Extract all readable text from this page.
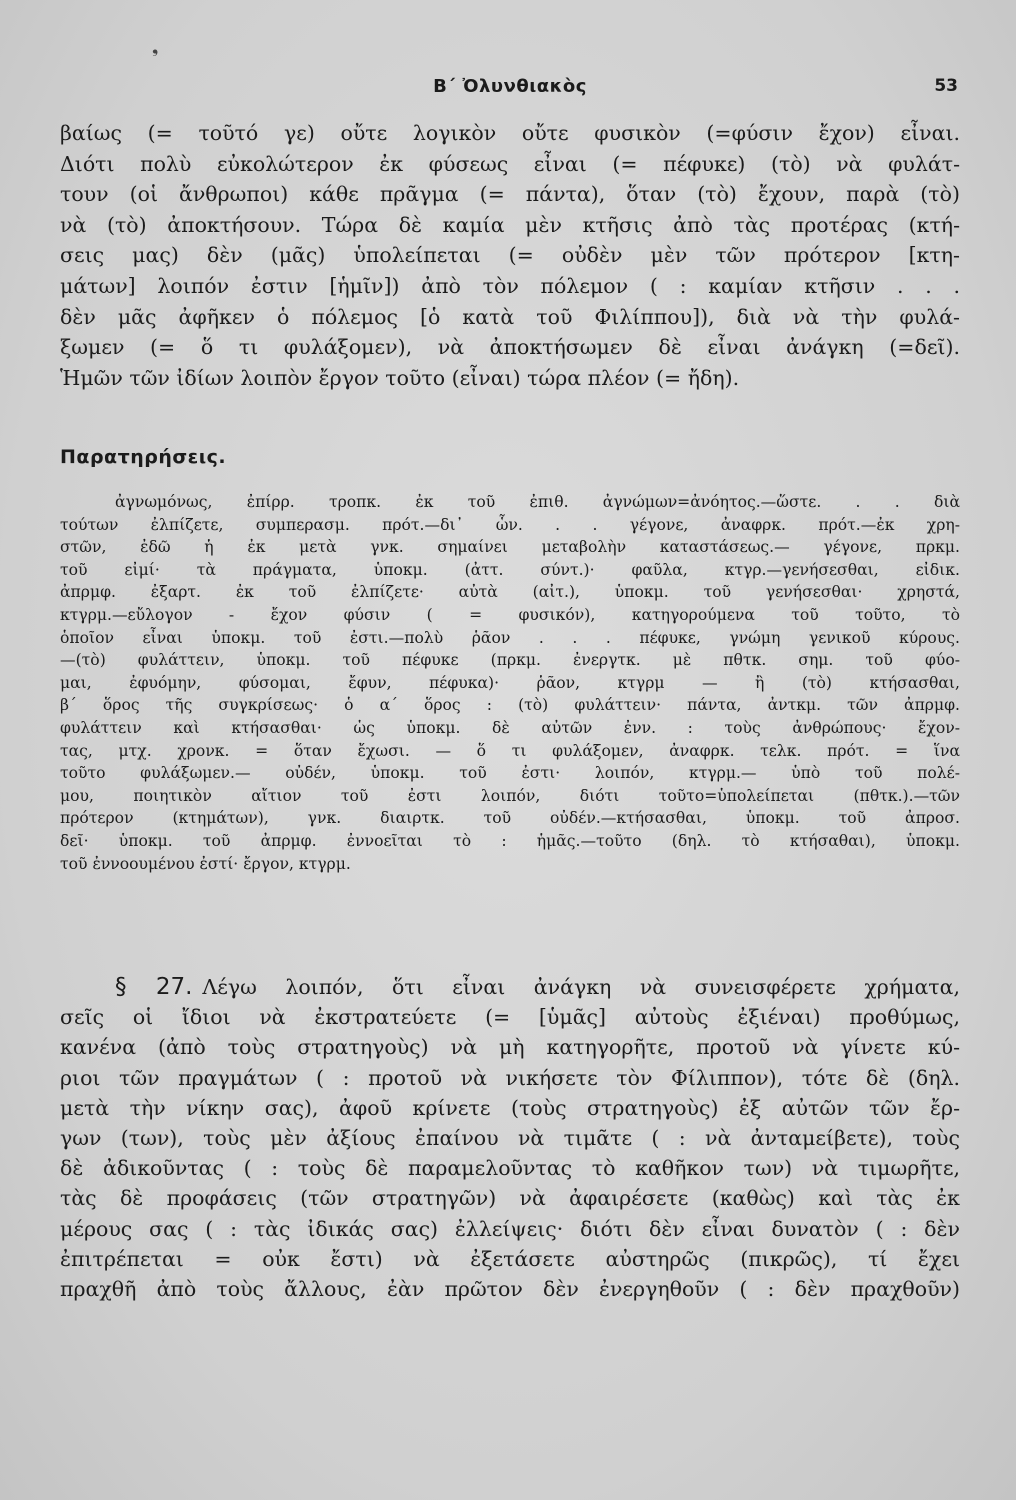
❟
Β΄ Ὀλυνθιακὸς	53
βαίως (= τοῦτό γε) οὔτε λογικὸν οὔτε φυσικὸν (=φύσιν ἔχον) εἶναι.
Διότι πολὺ εὐκολώτερον ἐκ φύσεως εἶναι (= πέφυκε) (τὸ) νὰ φυλάτ-
τουν (οἱ ἄνθρωποι) κάθε πρᾶγμα (= πάντα), ὅταν (τὸ) ἔχουν, παρὰ (τὸ)
νὰ (τὸ) ἀποκτήσουν. Τώρα δὲ καμία μὲν κτῆσις ἀπὸ τὰς προτέρας (κτή-
σεις μας) δὲν (μᾶς) ὑπολείπεται (= οὐδὲν μὲν τῶν πρότερον [κτη-
μάτων] λοιπόν ἐστιν [ἡμῖν]) ἀπὸ τὸν πόλεμον ( : καμίαν κτῆσιν . . .
δὲν μᾶς ἀφῆκεν ὁ πόλεμος [ὁ κατὰ τοῦ Φιλίππου]), διὰ νὰ τὴν φυλά-
ξωμεν (= ὅ τι φυλάξομεν), νὰ ἀποκτήσωμεν δὲ εἶναι ἀνάγκη (=δεῖ).
Ἡμῶν τῶν ἰδίων λοιπὸν ἔργον τοῦτο (εἶναι) τώρα πλέον (= ἤδη).
Παρατηρήσεις.
ἀγνωμόνως, ἐπίρρ. τροπκ. ἐκ τοῦ ἐπιθ. ἀγνώμων=ἀνόητος.—ὥστε. . . διὰ
τούτων ἐλπίζετε, συμπερασμ. πρότ.—δι᾽ ὧν. . . γέγονε, ἀναφρκ. πρότ.—ἐκ χρη-
στῶν, ἐδῶ ἡ ἐκ μετὰ γνκ. σημαίνει μεταβολὴν καταστάσεως.— γέγονε, πρκμ.
τοῦ εἰμί· τὰ πράγματα, ὑποκμ. (ἀττ. σύντ.)· φαῦλα, κτγρ.—γενήσεσθαι, εἰδικ.
ἀπρμφ. ἐξαρτ. ἐκ τοῦ ἐλπίζετε· αὐτὰ (αἰτ.), ὑποκμ. τοῦ γενήσεσθαι· χρηστά,
κτγρμ.—εὔλογον - ἔχον φύσιν ( = φυσικόν), κατηγορούμενα τοῦ τοῦτο, τὸ
ὁποῖον εἶναι ὑποκμ. τοῦ ἐστι.—πολὺ ῥᾶον . . . πέφυκε, γνώμη γενικοῦ κύρους.
—(τὸ) φυλάττειν, ὑποκμ. τοῦ πέφυκε (πρκμ. ἐνεργτκ. μὲ πθτκ. σημ. τοῦ φύο-
μαι, ἐφυόμην, φύσομαι, ἔφυν, πέφυκα)· ῥᾶον, κτγρμ — ἢ (τὸ) κτήσασθαι,
β΄ ὅρος τῆς συγκρίσεως· ὁ α΄ ὅρος : (τὸ) φυλάττειν· πάντα, ἀντκμ. τῶν ἀπρμφ.
φυλάττειν καὶ κτήσασθαι· ὡς ὑποκμ. δὲ αὐτῶν ἐνν. : τοὺς ἀνθρώπους· ἔχον-
τας, μτχ. χρονκ. = ὅταν ἔχωσι. — ὅ τι φυλάξομεν, ἀναφρκ. τελκ. πρότ. = ἵνα
τοῦτο φυλάξωμεν.— οὐδέν, ὑποκμ. τοῦ ἐστι· λοιπόν, κτγρμ.— ὑπὸ τοῦ πολέ-
μου, ποιητικὸν αἴτιον τοῦ ἐστι λοιπόν, διότι τοῦτο=ὑπολείπεται (πθτκ.).—τῶν
πρότερον (κτημάτων), γνκ. διαιρτκ. τοῦ οὐδέν.—κτήσασθαι, ὑποκμ. τοῦ ἀπροσ.
δεῖ· ὑποκμ. τοῦ ἀπρμφ. ἐννοεῖται τὸ : ἡμᾶς.—τοῦτο (δηλ. τὸ κτήσαθαι), ὑποκμ.
τοῦ ἐννοουμένου ἐστί· ἔργον, κτγρμ.
§ 27. Λέγω λοιπόν, ὅτι εἶναι ἀνάγκη νὰ συνεισφέρετε χρήματα,
σεῖς οἱ ἴδιοι νὰ ἐκστρατεύετε (= [ὑμᾶς] αὐτοὺς ἐξιέναι) προθύμως,
κανένα (ἀπὸ τοὺς στρατηγοὺς) νὰ μὴ κατηγορῆτε, προτοῦ νὰ γίνετε κύ-
ριοι τῶν πραγμάτων ( : προτοῦ νὰ νικήσετε τὸν Φίλιππον), τότε δὲ (δηλ.
μετὰ τὴν νίκην σας), ἀφοῦ κρίνετε (τοὺς στρατηγοὺς) ἐξ αὐτῶν τῶν ἔρ-
γων (των), τοὺς μὲν ἀξίους ἐπαίνου νὰ τιμᾶτε ( : νὰ ἀνταμείβετε), τοὺς
δὲ ἀδικοῦντας ( : τοὺς δὲ παραμελοῦντας τὸ καθῆκον των) νὰ τιμωρῆτε,
τὰς δὲ προφάσεις (τῶν στρατηγῶν) νὰ ἀφαιρέσετε (καθὼς) καὶ τὰς ἐκ
μέρους σας ( : τὰς ἰδικάς σας) ἐλλείψεις· διότι δὲν εἶναι δυνατὸν ( : δὲν
ἐπιτρέπεται = οὐκ ἔστι) νὰ ἐξετάσετε αὐστηρῶς (πικρῶς), τί ἔχει
πραχθῆ ἀπὸ τοὺς ἄλλους, ἐὰν πρῶτον δὲν ἐνεργηθοῦν ( : δὲν πραχθοῦν)
